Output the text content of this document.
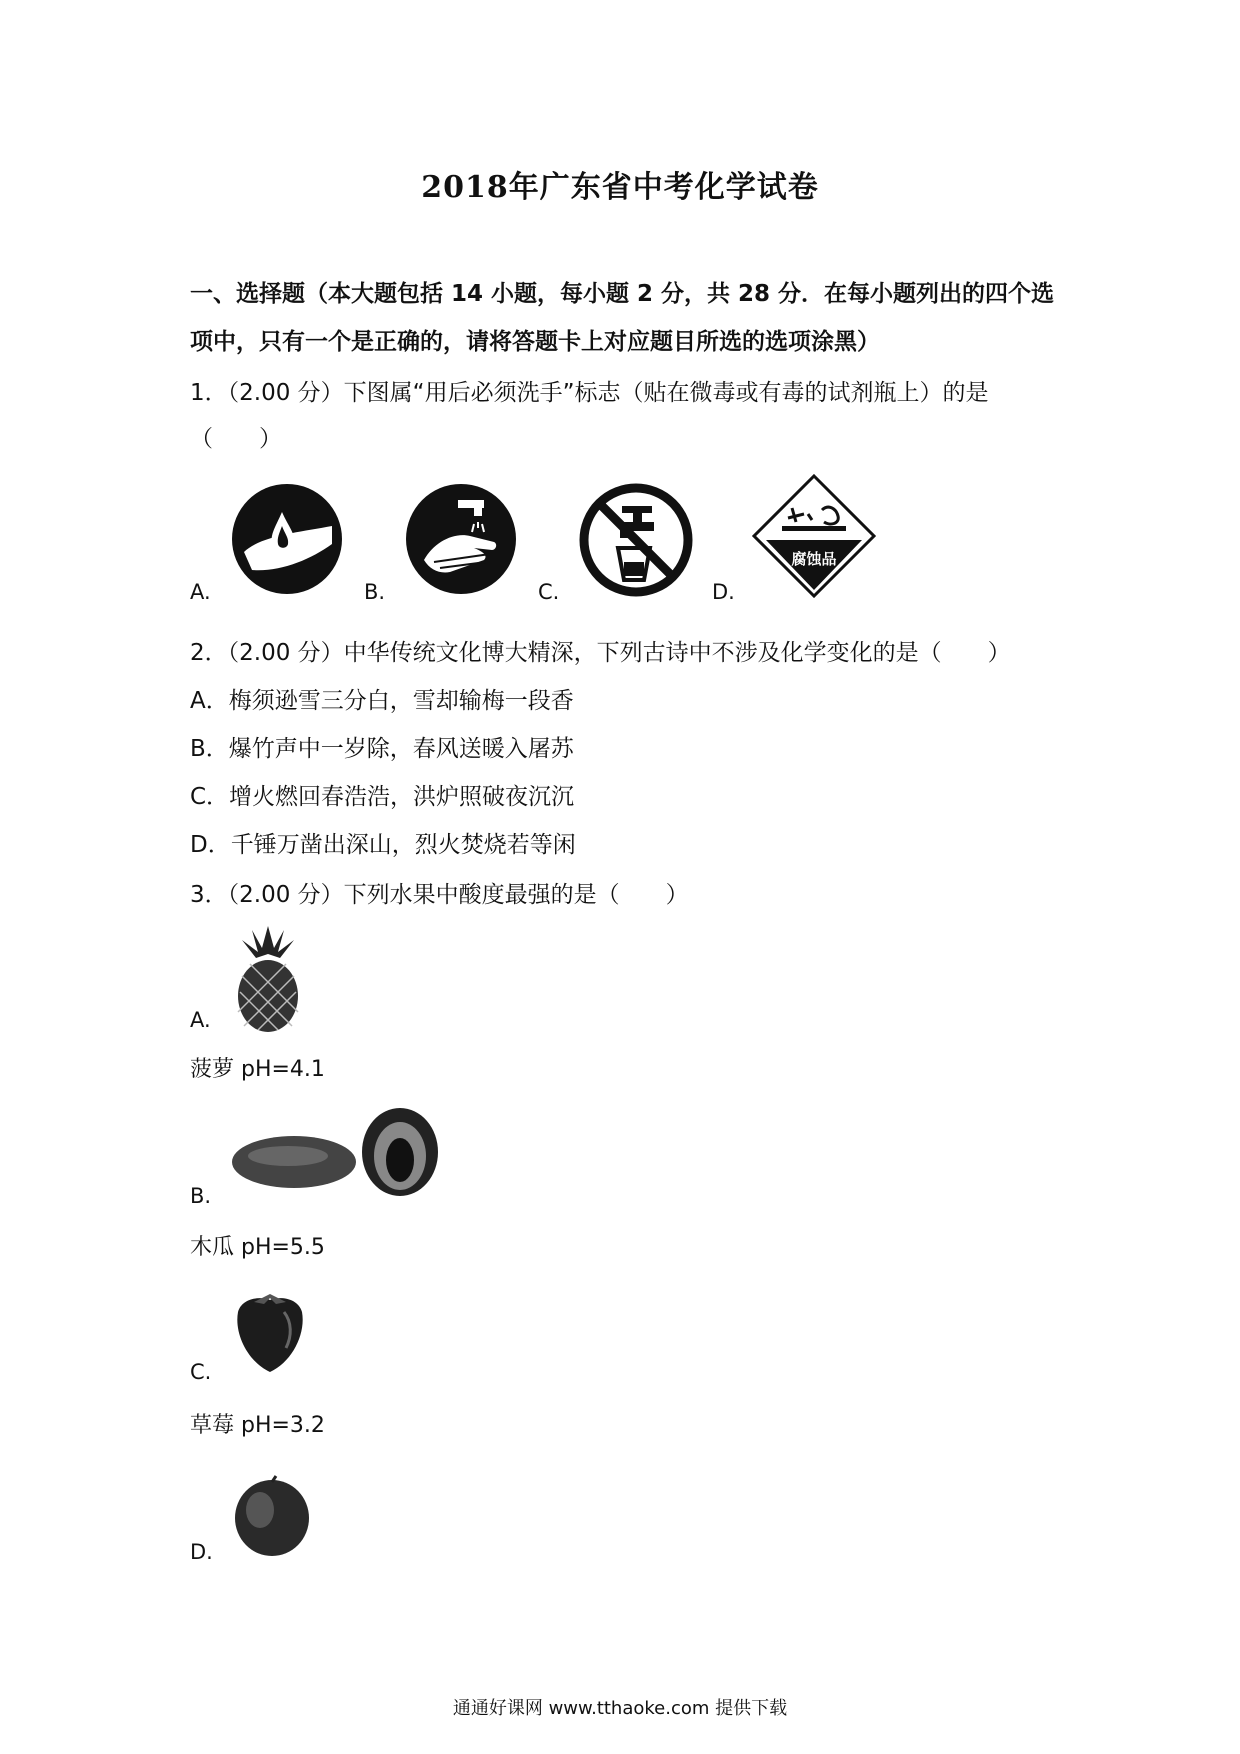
2018年广东省中考化学试卷
一、选择题（本大题包括 14 小题，每小题 2 分，共 28 分．在每小题列出的四个选项中，只有一个是正确的，请将答题卡上对应题目所选的选项涂黑）
1．（2.00 分）下图属“用后必须洗手”标志（贴在微毒或有毒的试剂瓶上）的是
（　　）
A.	B.	C.	D.
腐蚀品
2．（2.00 分）中华传统文化博大精深，下列古诗中不涉及化学变化的是（　　）
A．梅须逊雪三分白，雪却输梅一段香
B．爆竹声中一岁除，春风送暖入屠苏
C．增火燃回春浩浩，洪炉照破夜沉沉
D．千锤万凿出深山，烈火焚烧若等闲
3．（2.00 分）下列水果中酸度最强的是（　　）
A.
菠萝 pH=4.1
B.
木瓜 pH=5.5
C.
草莓 pH=3.2
D.
通通好课网 www.tthaoke.com 提供下载
